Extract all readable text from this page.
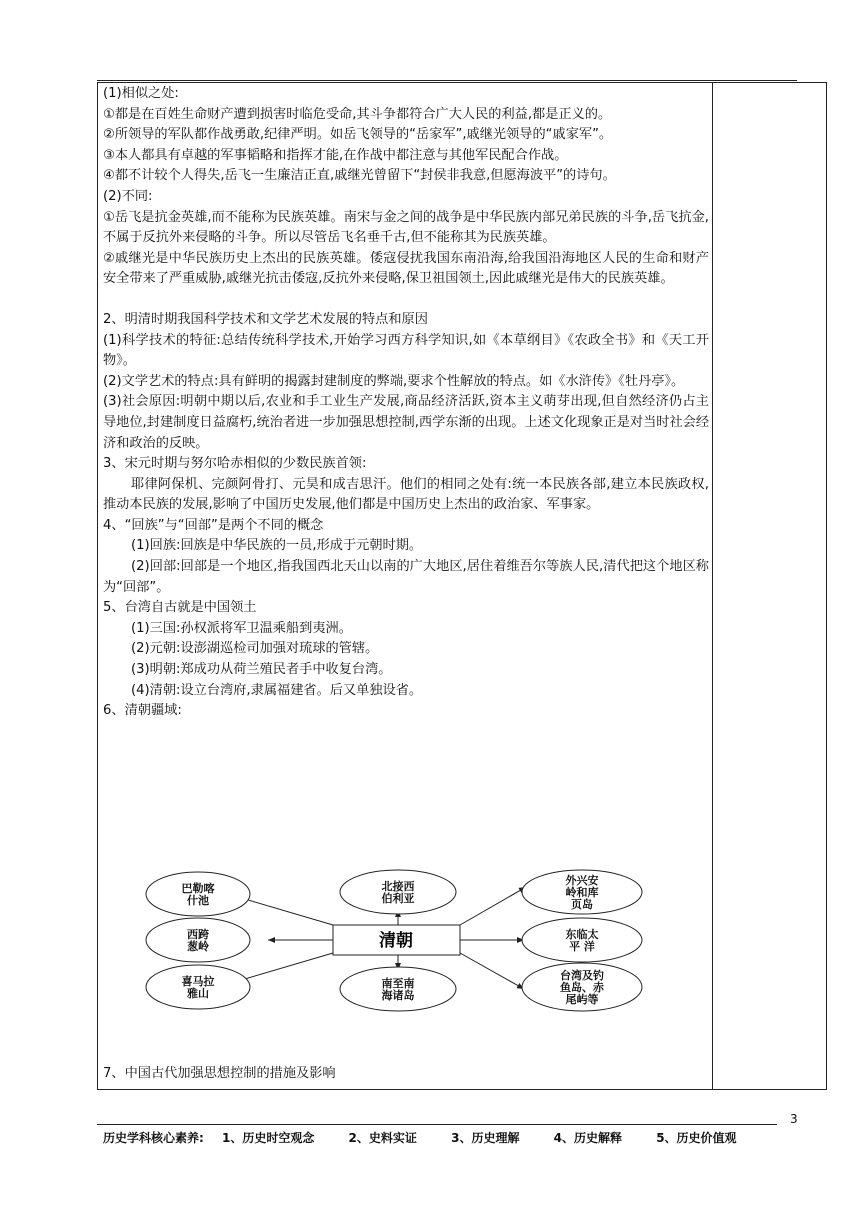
(1)相似之处:

①都是在百姓生命财产遭到损害时临危受命,其斗争都符合广大人民的利益,都是正义的。

②所领导的军队都作战勇敢,纪律严明。如岳飞领导的“岳家军”,戚继光领导的“戚家军”。

③本人都具有卓越的军事韬略和指挥才能,在作战中都注意与其他军民配合作战。

④都不计较个人得失,岳飞一生廉洁正直,戚继光曾留下“封侯非我意,但愿海波平”的诗句。

(2)不同:

①岳飞是抗金英雄,而不能称为民族英雄。南宋与金之间的战争是中华民族内部兄弟民族的斗争,岳飞抗金,不属于反抗外来侵略的斗争。所以尽管岳飞名垂千古,但不能称其为民族英雄。

②戚继光是中华民族历史上杰出的民族英雄。倭寇侵扰我国东南沿海,给我国沿海地区人民的生命和财产安全带来了严重威胁,戚继光抗击倭寇,反抗外来侵略,保卫祖国领土,因此戚继光是伟大的民族英雄。

2、明清时期我国科学技术和文学艺术发展的特点和原因

(1)科学技术的特征:总结传统科学技术,开始学习西方科学知识,如《本草纲目》《农政全书》和《天工开物》。

(2)文学艺术的特点:具有鲜明的揭露封建制度的弊端,要求个性解放的特点。如《水浒传》《牡丹亭》。

(3)社会原因:明朝中期以后,农业和手工业生产发展,商品经济活跃,资本主义萌芽出现,但自然经济仍占主导地位,封建制度日益腐朽,统治者进一步加强思想控制,西学东渐的出现。上述文化现象正是对当时社会经济和政治的反映。

3、宋元时期与努尔哈赤相似的少数民族首领:

耶律阿保机、完颜阿骨打、元昊和成吉思汗。他们的相同之处有:统一本民族各部,建立本民族政权,推动本民族的发展,影响了中国历史发展,他们都是中国历史上杰出的政治家、军事家。

4、“回族”与“回部”是两个不同的概念

(1)回族:回族是中华民族的一员,形成于元朝时期。

(2)回部:回部是一个地区,指我国西北天山以南的广大地区,居住着维吾尔等族人民,清代把这个地区称为“回部”。

5、台湾自古就是中国领土

(1)三国:孙权派将军卫温乘船到夷洲。

(2)元朝:设澎湖巡检司加强对琉球的管辖。

(3)明朝:郑成功从荷兰殖民者手中收复台湾。

(4)清朝:设立台湾府,隶属福建省。后又单独设省。

6、清朝疆域:

清朝
巴勒喀
什池
西跨
葱岭
喜马拉
雅山
北接西
伯利亚
南至南
海诸岛
外兴安
岭和库
页岛
东临太
平 洋
台湾及钓
鱼岛、赤
尾屿等
7、中国古代加强思想控制的措施及影响
3
历史学科核心素养: 1、历史时空观念	2、史料实证	3、历史理解	4、历史解释	5、历史价值观
